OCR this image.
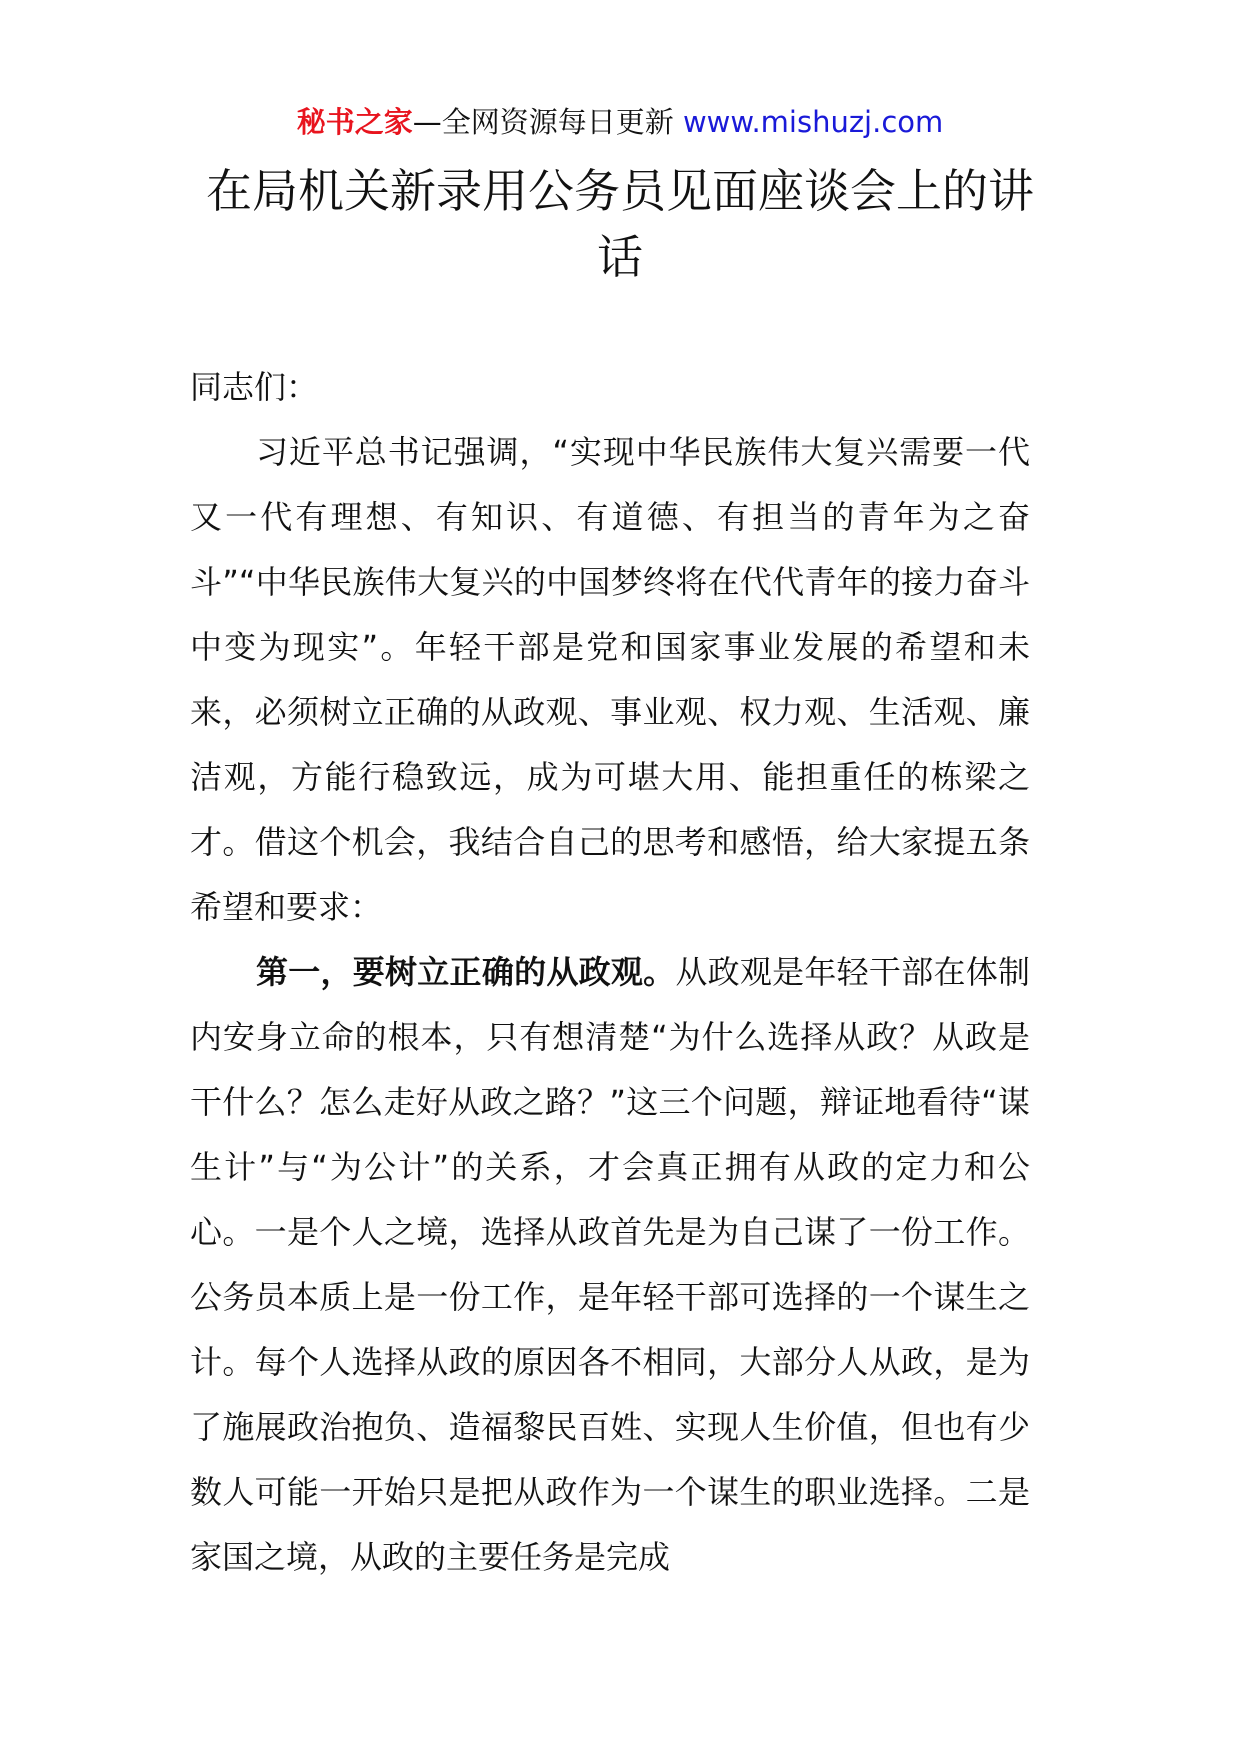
秘书之家—全网资源每日更新 www.mishuzj.com
在局机关新录用公务员见面座谈会上的讲话

同志们：

习近平总书记强调，“实现中华民族伟大复兴需要一代又一代有理想、有知识、有道德、有担当的青年为之奋斗”“中华民族伟大复兴的中国梦终将在代代青年的接力奋斗中变为现实”。年轻干部是党和国家事业发展的希望和未来，必须树立正确的从政观、事业观、权力观、生活观、廉洁观，方能行稳致远，成为可堪大用、能担重任的栋梁之才。借这个机会，我结合自己的思考和感悟，给大家提五条希望和要求：

第一，要树立正确的从政观。从政观是年轻干部在体制内安身立命的根本，只有想清楚“为什么选择从政？从政是干什么？怎么走好从政之路？”这三个问题，辩证地看待“谋生计”与“为公计”的关系，才会真正拥有从政的定力和公心。一是个人之境，选择从政首先是为自己谋了一份工作。公务员本质上是一份工作，是年轻干部可选择的一个谋生之计。每个人选择从政的原因各不相同，大部分人从政，是为了施展政治抱负、造福黎民百姓、实现人生价值，但也有少数人可能一开始只是把从政作为一个谋生的职业选择。二是家国之境，从政的主要任务是完成
